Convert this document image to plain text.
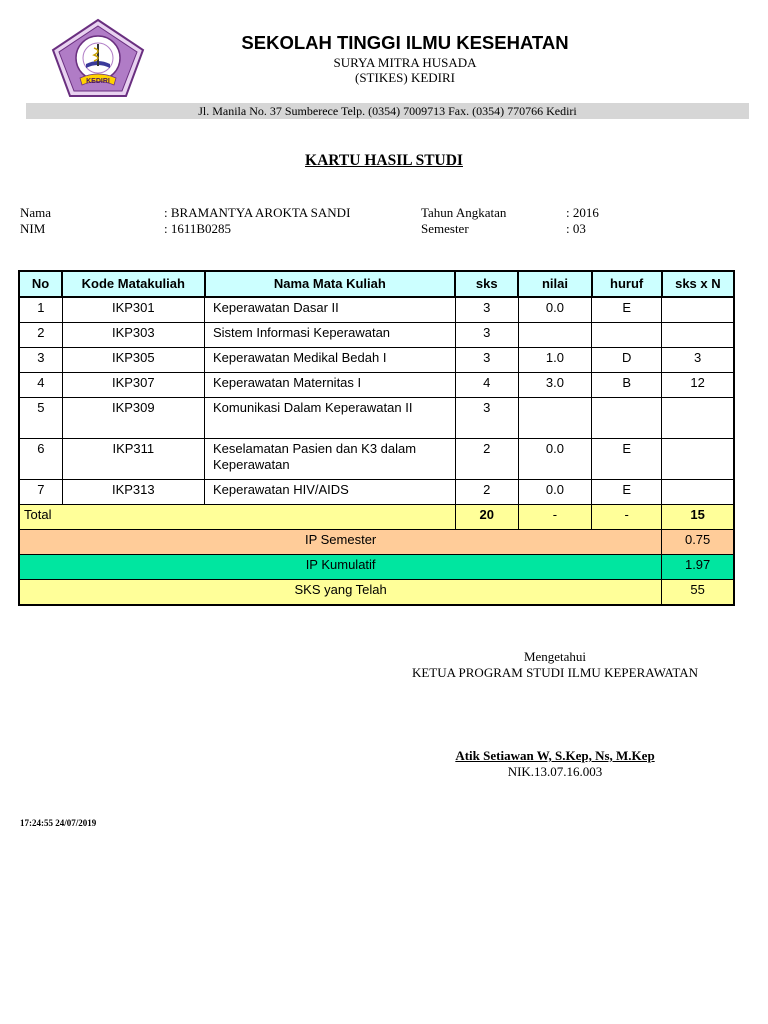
KEDIRI
SEKOLAH TINGGI ILMU KESEHATAN
SURYA MITRA HUSADA
(STIKES) KEDIRI
Jl. Manila No. 37 Sumberece Telp. (0354) 7009713 Fax. (0354) 770766 Kediri
KARTU HASIL STUDI
Nama	: BRAMANTYA AROKTA SANDI
NIM	: 1611B0285
Tahun Angkatan	: 2016
Semester	: 03
No	Kode Matakuliah	Nama Mata Kuliah	sks	nilai	huruf	sks x N
1	IKP301	Keperawatan Dasar II	3	0.0	E	
2	IKP303	Sistem Informasi Keperawatan	3			
3	IKP305	Keperawatan Medikal Bedah I	3	1.0	D	3
4	IKP307	Keperawatan Maternitas I	4	3.0	B	12
5	IKP309	Komunikasi Dalam Keperawatan II	3			
6	IKP311	Keselamatan Pasien dan K3 dalam Keperawatan	2	0.0	E	
7	IKP313	Keperawatan HIV/AIDS	2	0.0	E	
Total			20	-	-	15
IP Semester						0.75
IP Kumulatif						1.97
SKS yang Telah						55
Mengetahui
KETUA PROGRAM STUDI ILMU KEPERAWATAN
Atik Setiawan W, S.Kep, Ns, M.Kep
NIK.13.07.16.003
17:24:55 24/07/2019
